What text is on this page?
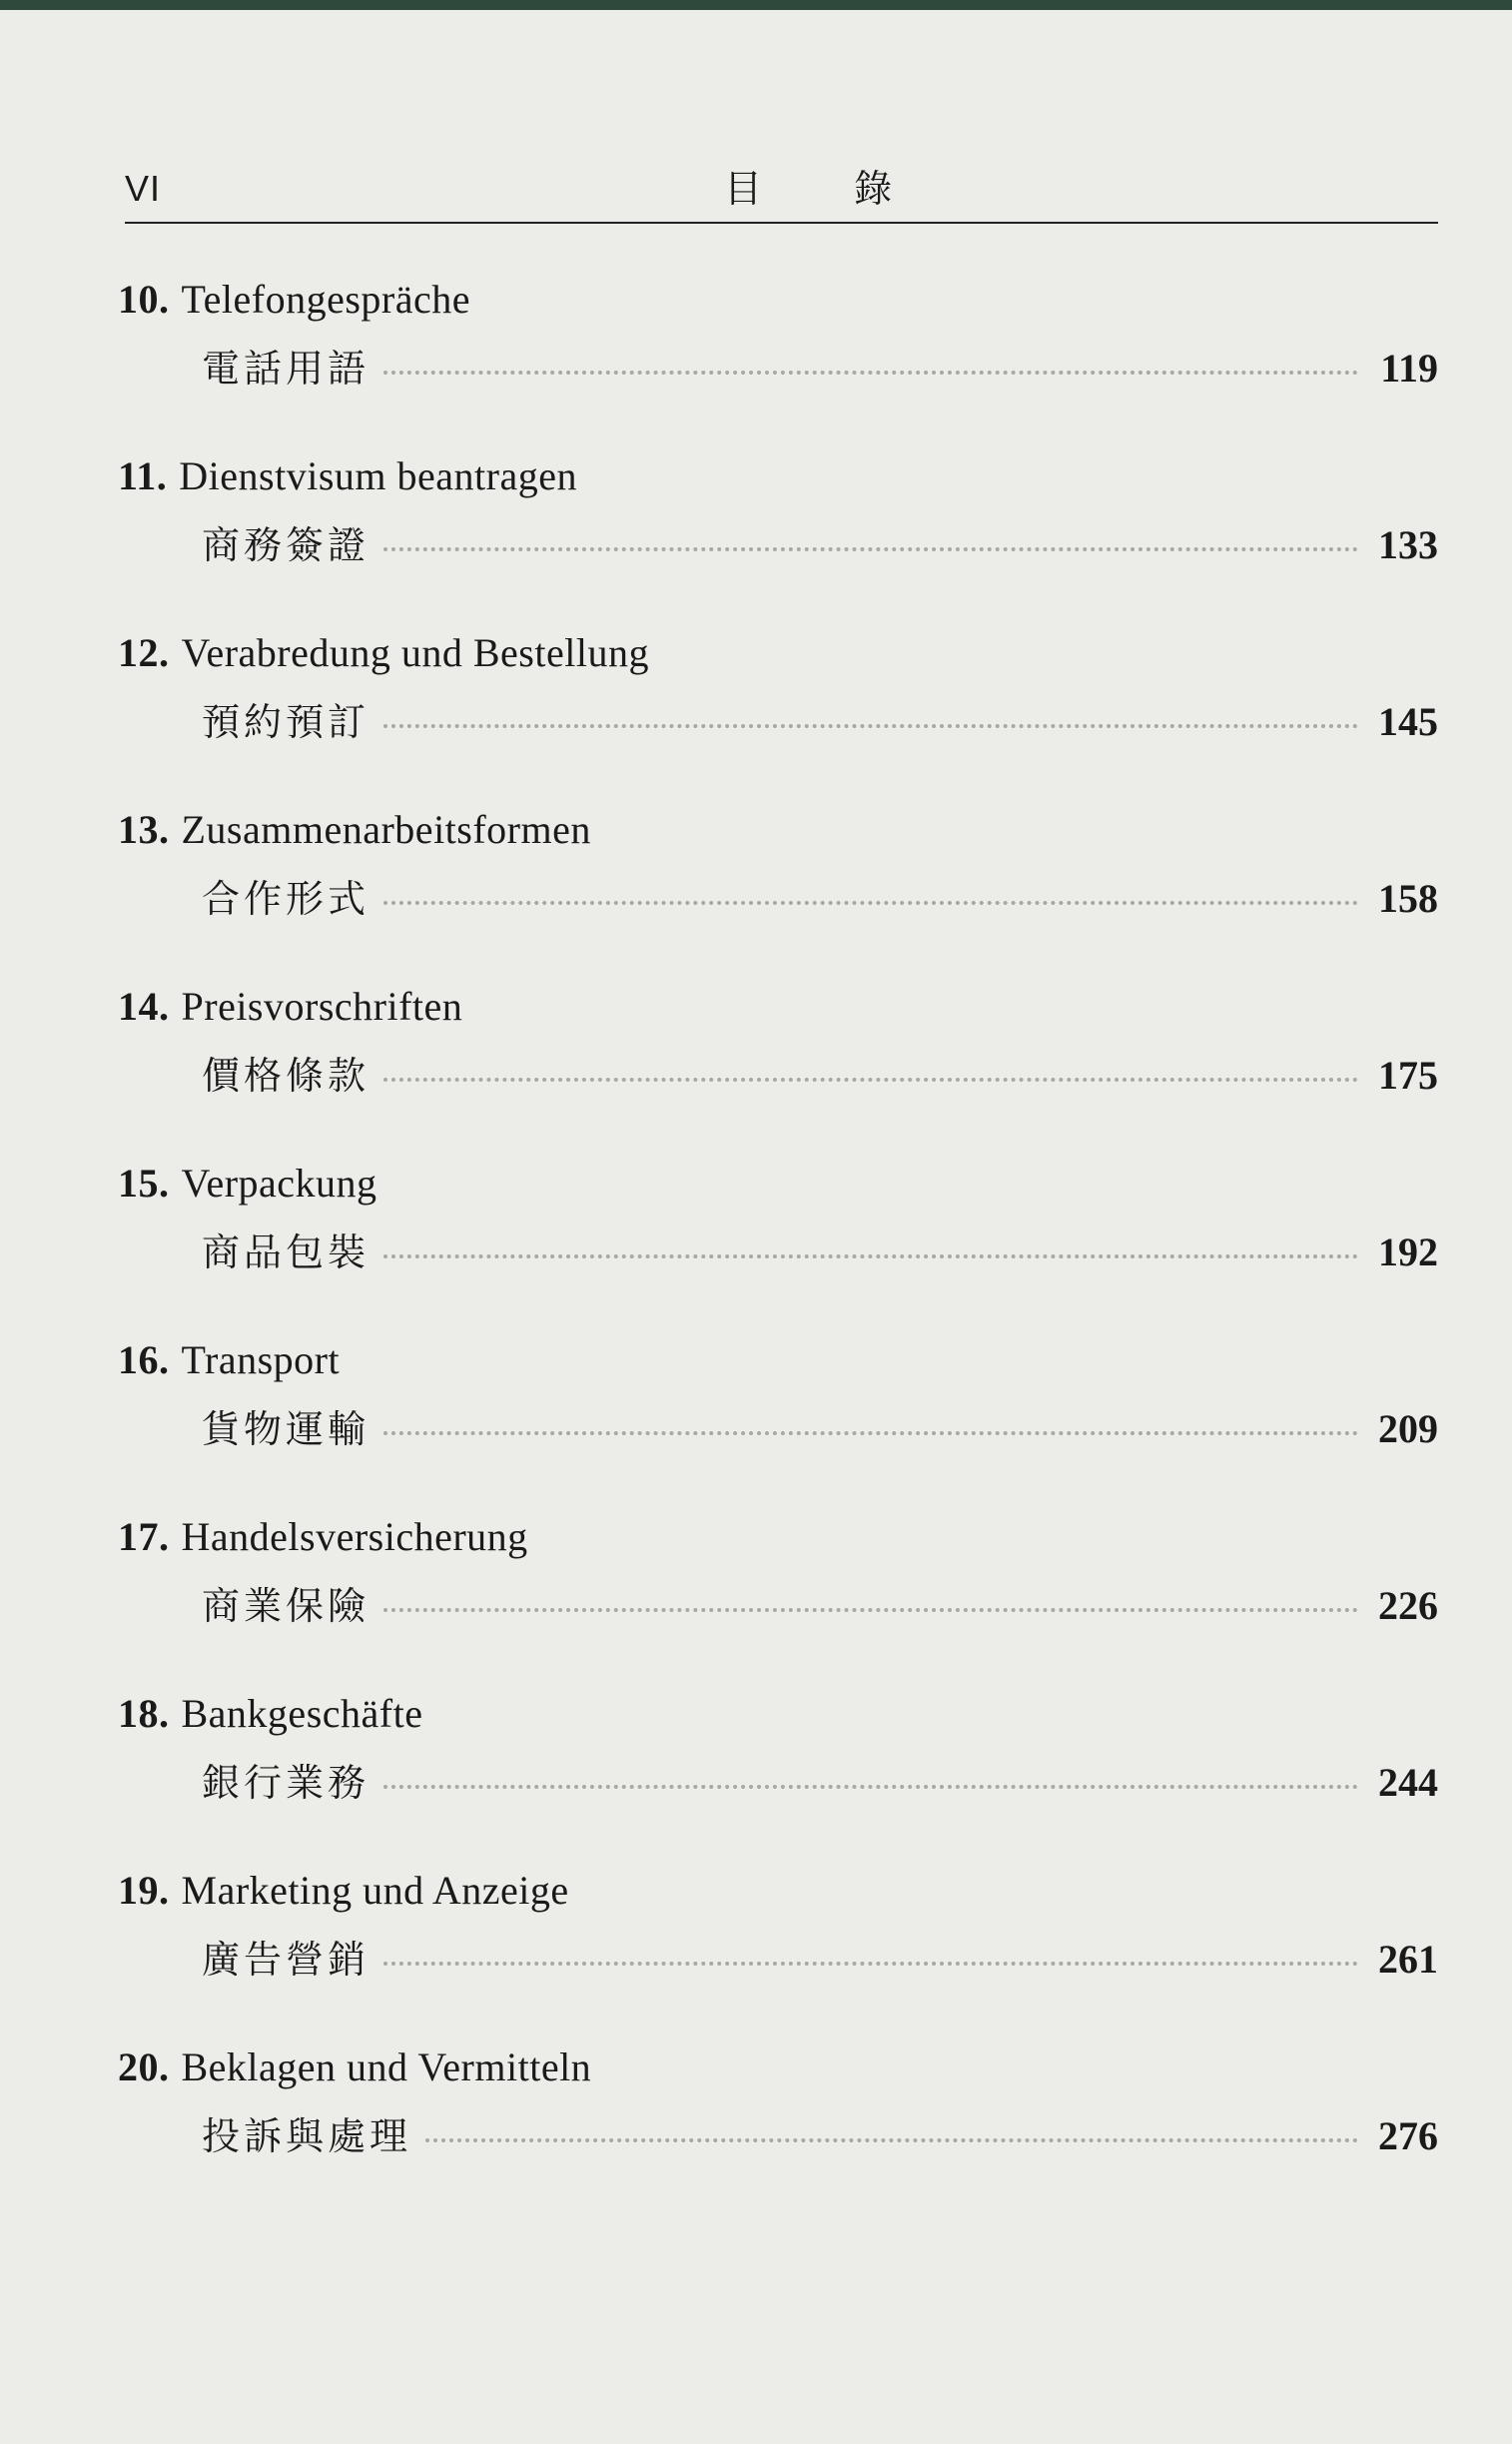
VI	目 錄
10. Telefongespräche
電話用語	119
11. Dienstvisum beantragen
商務簽證	133
12. Verabredung und Bestellung
預約預訂	145
13. Zusammenarbeitsformen
合作形式	158
14. Preisvorschriften
價格條款	175
15. Verpackung
商品包裝	192
16. Transport
貨物運輸	209
17. Handelsversicherung
商業保險	226
18. Bankgeschäfte
銀行業務	244
19. Marketing und Anzeige
廣告營銷	261
20. Beklagen und Vermitteln
投訴與處理	276
